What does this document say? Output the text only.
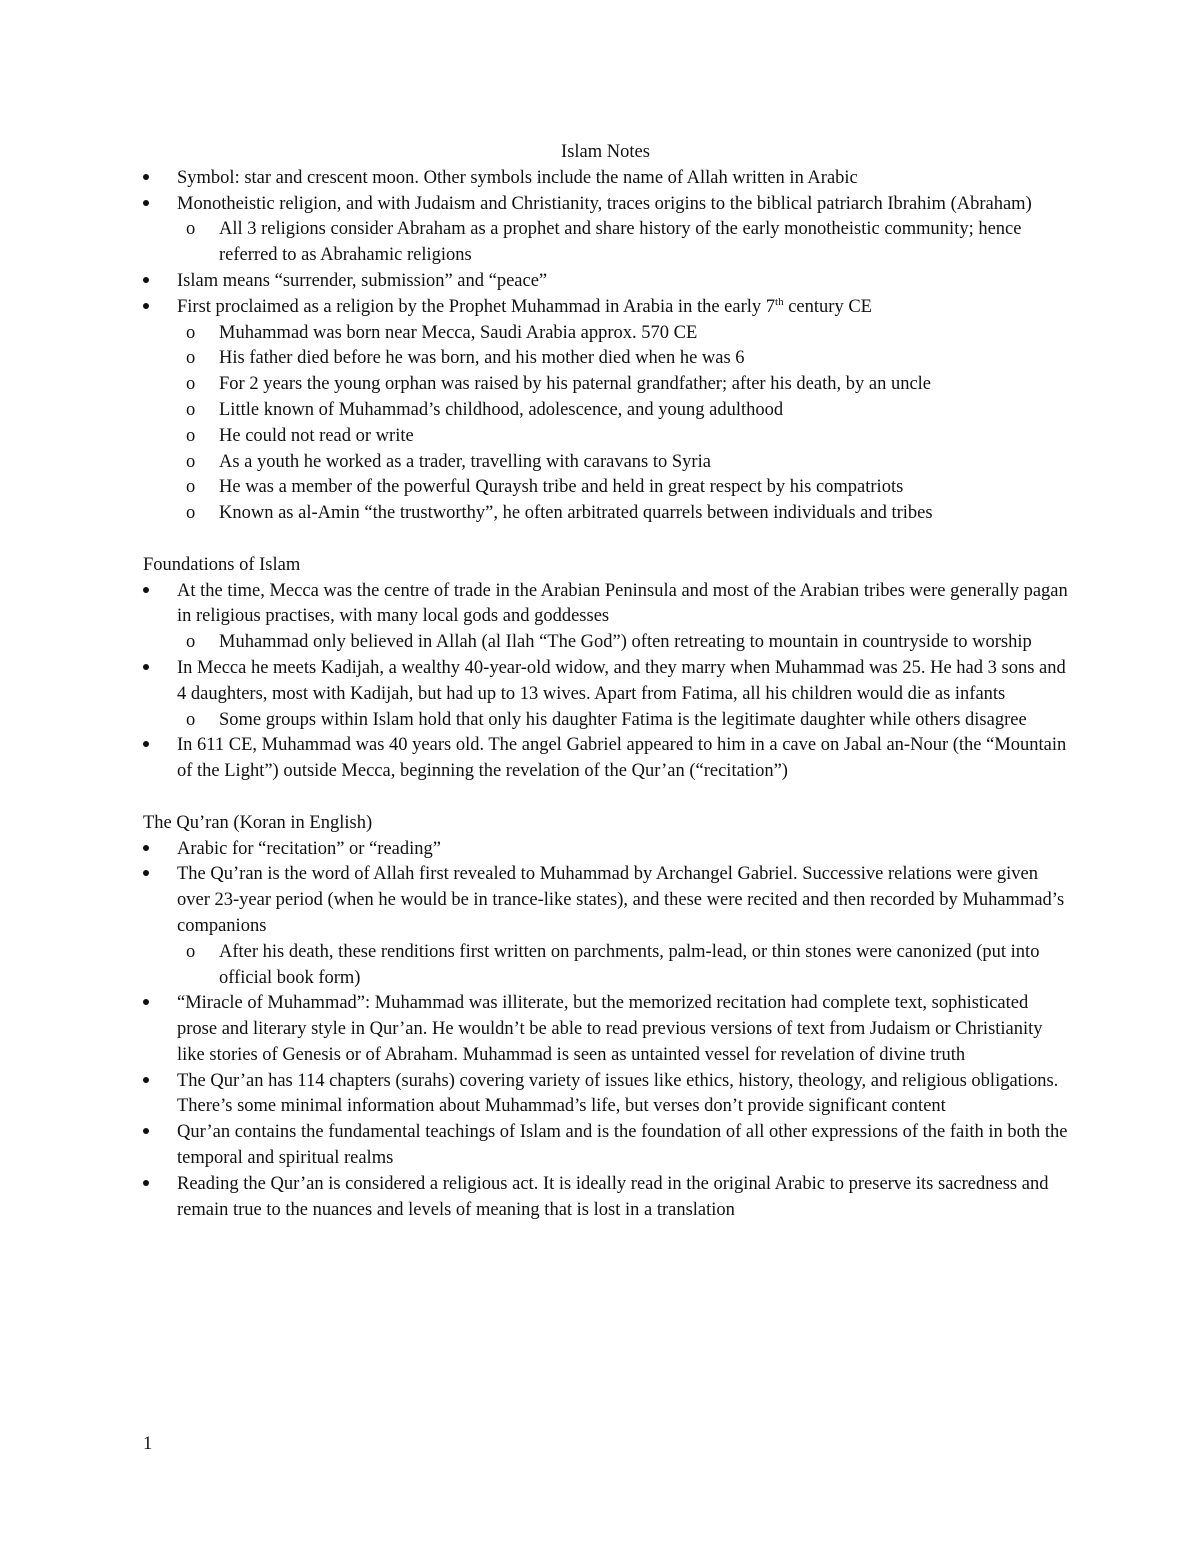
Islam Notes
Symbol: star and crescent moon. Other symbols include the name of Allah written in Arabic
Monotheistic religion, and with Judaism and Christianity, traces origins to the biblical patriarch Ibrahim (Abraham)
o All 3 religions consider Abraham as a prophet and share history of the early monotheistic community; hence referred to as Abrahamic religions
Islam means “surrender, submission” and “peace”
First proclaimed as a religion by the Prophet Muhammad in Arabia in the early 7th century CE
o Muhammad was born near Mecca, Saudi Arabia approx. 570 CE
o His father died before he was born, and his mother died when he was 6
o For 2 years the young orphan was raised by his paternal grandfather; after his death, by an uncle
o Little known of Muhammad’s childhood, adolescence, and young adulthood
o He could not read or write
o As a youth he worked as a trader, travelling with caravans to Syria
o He was a member of the powerful Quraysh tribe and held in great respect by his compatriots
o Known as al-Amin “the trustworthy”, he often arbitrated quarrels between individuals and tribes
Foundations of Islam
At the time, Mecca was the centre of trade in the Arabian Peninsula and most of the Arabian tribes were generally pagan in religious practises, with many local gods and goddesses
o Muhammad only believed in Allah (al Ilah “The God”) often retreating to mountain in countryside to worship
In Mecca he meets Kadijah, a wealthy 40-year-old widow, and they marry when Muhammad was 25. He had 3 sons and 4 daughters, most with Kadijah, but had up to 13 wives. Apart from Fatima, all his children would die as infants
o Some groups within Islam hold that only his daughter Fatima is the legitimate daughter while others disagree
In 611 CE, Muhammad was 40 years old. The angel Gabriel appeared to him in a cave on Jabal an-Nour (the “Mountain of the Light”) outside Mecca, beginning the revelation of the Qur’an (“recitation”)
The Qu’ran (Koran in English)
Arabic for “recitation” or “reading”
The Qu’ran is the word of Allah first revealed to Muhammad by Archangel Gabriel. Successive relations were given over 23-year period (when he would be in trance-like states), and these were recited and then recorded by Muhammad’s companions
o After his death, these renditions first written on parchments, palm-lead, or thin stones were canonized (put into official book form)
“Miracle of Muhammad”: Muhammad was illiterate, but the memorized recitation had complete text, sophisticated prose and literary style in Qur’an. He wouldn’t be able to read previous versions of text from Judaism or Christianity like stories of Genesis or of Abraham. Muhammad is seen as untainted vessel for revelation of divine truth
The Qur’an has 114 chapters (surahs) covering variety of issues like ethics, history, theology, and religious obligations. There’s some minimal information about Muhammad’s life, but verses don’t provide significant content
Qur’an contains the fundamental teachings of Islam and is the foundation of all other expressions of the faith in both the temporal and spiritual realms
Reading the Qur’an is considered a religious act. It is ideally read in the original Arabic to preserve its sacredness and remain true to the nuances and levels of meaning that is lost in a translation
1
